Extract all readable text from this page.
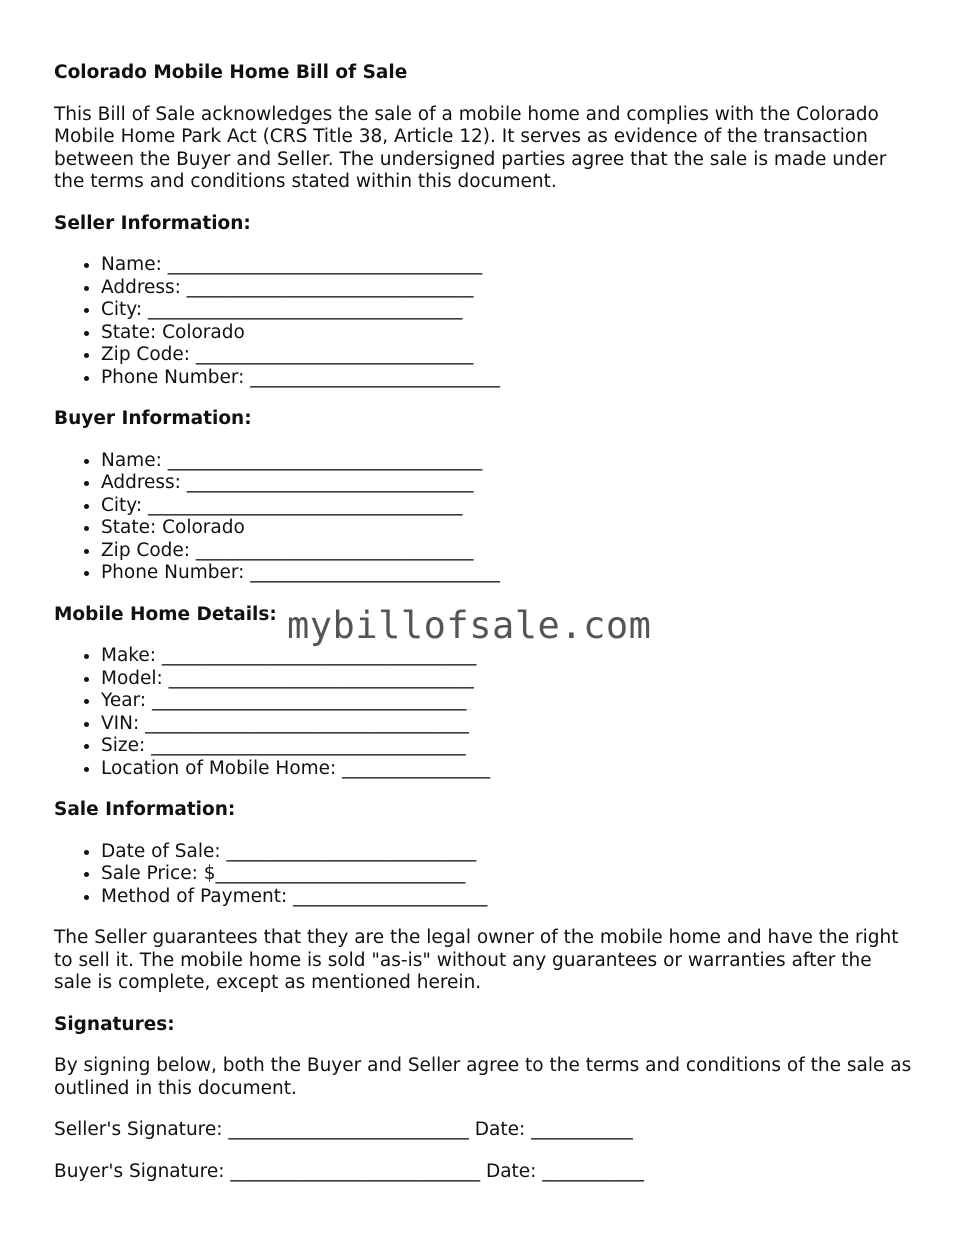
Colorado Mobile Home Bill of Sale

This Bill of Sale acknowledges the sale of a mobile home and complies with the Colorado Mobile Home Park Act (CRS Title 38, Article 12). It serves as evidence of the transaction between the Buyer and Seller. The undersigned parties agree that the sale is made under the terms and conditions stated within this document.

Seller Information:
• Name: __________________________________
• Address: _______________________________
• City: __________________________________
• State: Colorado
• Zip Code: ______________________________
• Phone Number: ___________________________
Buyer Information:
• Name: __________________________________
• Address: _______________________________
• City: __________________________________
• State: Colorado
• Zip Code: ______________________________
• Phone Number: ___________________________
Mobile Home Details:
• Make: __________________________________
• Model: _________________________________
• Year: __________________________________
• VIN: ___________________________________
• Size: __________________________________
• Location of Mobile Home: ________________
Sale Information:
• Date of Sale: ___________________________
• Sale Price: $___________________________
• Method of Payment: _____________________

The Seller guarantees that they are the legal owner of the mobile home and have the right to sell it. The mobile home is sold "as-is" without any guarantees or warranties after the sale is complete, except as mentioned herein.

Signatures:

By signing below, both the Buyer and Seller agree to the terms and conditions of the sale as outlined in this document.

Seller's Signature: __________________________ Date: ___________

Buyer's Signature: ___________________________ Date: ___________

mybillofsale.com
